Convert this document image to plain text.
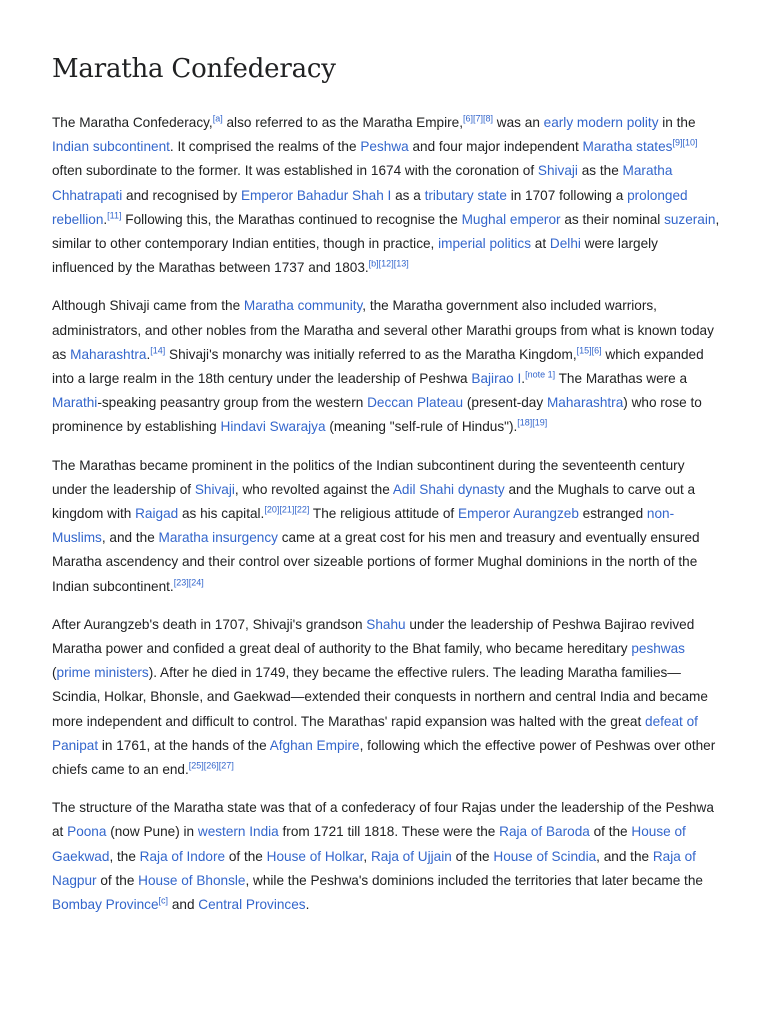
Maratha Confederacy

The Maratha Confederacy,[a] also referred to as the Maratha Empire,[6][7][8] was an early modern polity in the Indian subcontinent. It comprised the realms of the Peshwa and four major independent Maratha states[9][10] often subordinate to the former. It was established in 1674 with the coronation of Shivaji as the Maratha Chhatrapati and recognised by Emperor Bahadur Shah I as a tributary state in 1707 following a prolonged rebellion.[11] Following this, the Marathas continued to recognise the Mughal emperor as their nominal suzerain, similar to other contemporary Indian entities, though in practice, imperial politics at Delhi were largely influenced by the Marathas between 1737 and 1803.[b][12][13]

Although Shivaji came from the Maratha community, the Maratha government also included warriors, administrators, and other nobles from the Maratha and several other Marathi groups from what is known today as Maharashtra.[14] Shivaji's monarchy was initially referred to as the Maratha Kingdom,[15][6] which expanded into a large realm in the 18th century under the leadership of Peshwa Bajirao I.[note 1] The Marathas were a Marathi-speaking peasantry group from the western Deccan Plateau (present-day Maharashtra) who rose to prominence by establishing Hindavi Swarajya (meaning "self-rule of Hindus").[18][19]

The Marathas became prominent in the politics of the Indian subcontinent during the seventeenth century under the leadership of Shivaji, who revolted against the Adil Shahi dynasty and the Mughals to carve out a kingdom with Raigad as his capital.[20][21][22] The religious attitude of Emperor Aurangzeb estranged non-Muslims, and the Maratha insurgency came at a great cost for his men and treasury and eventually ensured Maratha ascendency and their control over sizeable portions of former Mughal dominions in the north of the Indian subcontinent.[23][24]

After Aurangzeb's death in 1707, Shivaji's grandson Shahu under the leadership of Peshwa Bajirao revived Maratha power and confided a great deal of authority to the Bhat family, who became hereditary peshwas (prime ministers). After he died in 1749, they became the effective rulers. The leading Maratha families—Scindia, Holkar, Bhonsle, and Gaekwad—extended their conquests in northern and central India and became more independent and difficult to control. The Marathas' rapid expansion was halted with the great defeat of Panipat in 1761, at the hands of the Afghan Empire, following which the effective power of Peshwas over other chiefs came to an end.[25][26][27]

The structure of the Maratha state was that of a confederacy of four Rajas under the leadership of the Peshwa at Poona (now Pune) in western India from 1721 till 1818. These were the Raja of Baroda of the House of Gaekwad, the Raja of Indore of the House of Holkar, Raja of Ujjain of the House of Scindia, and the Raja of Nagpur of the House of Bhonsle, while the Peshwa's dominions included the territories that later became the Bombay Province[c] and Central Provinces.
